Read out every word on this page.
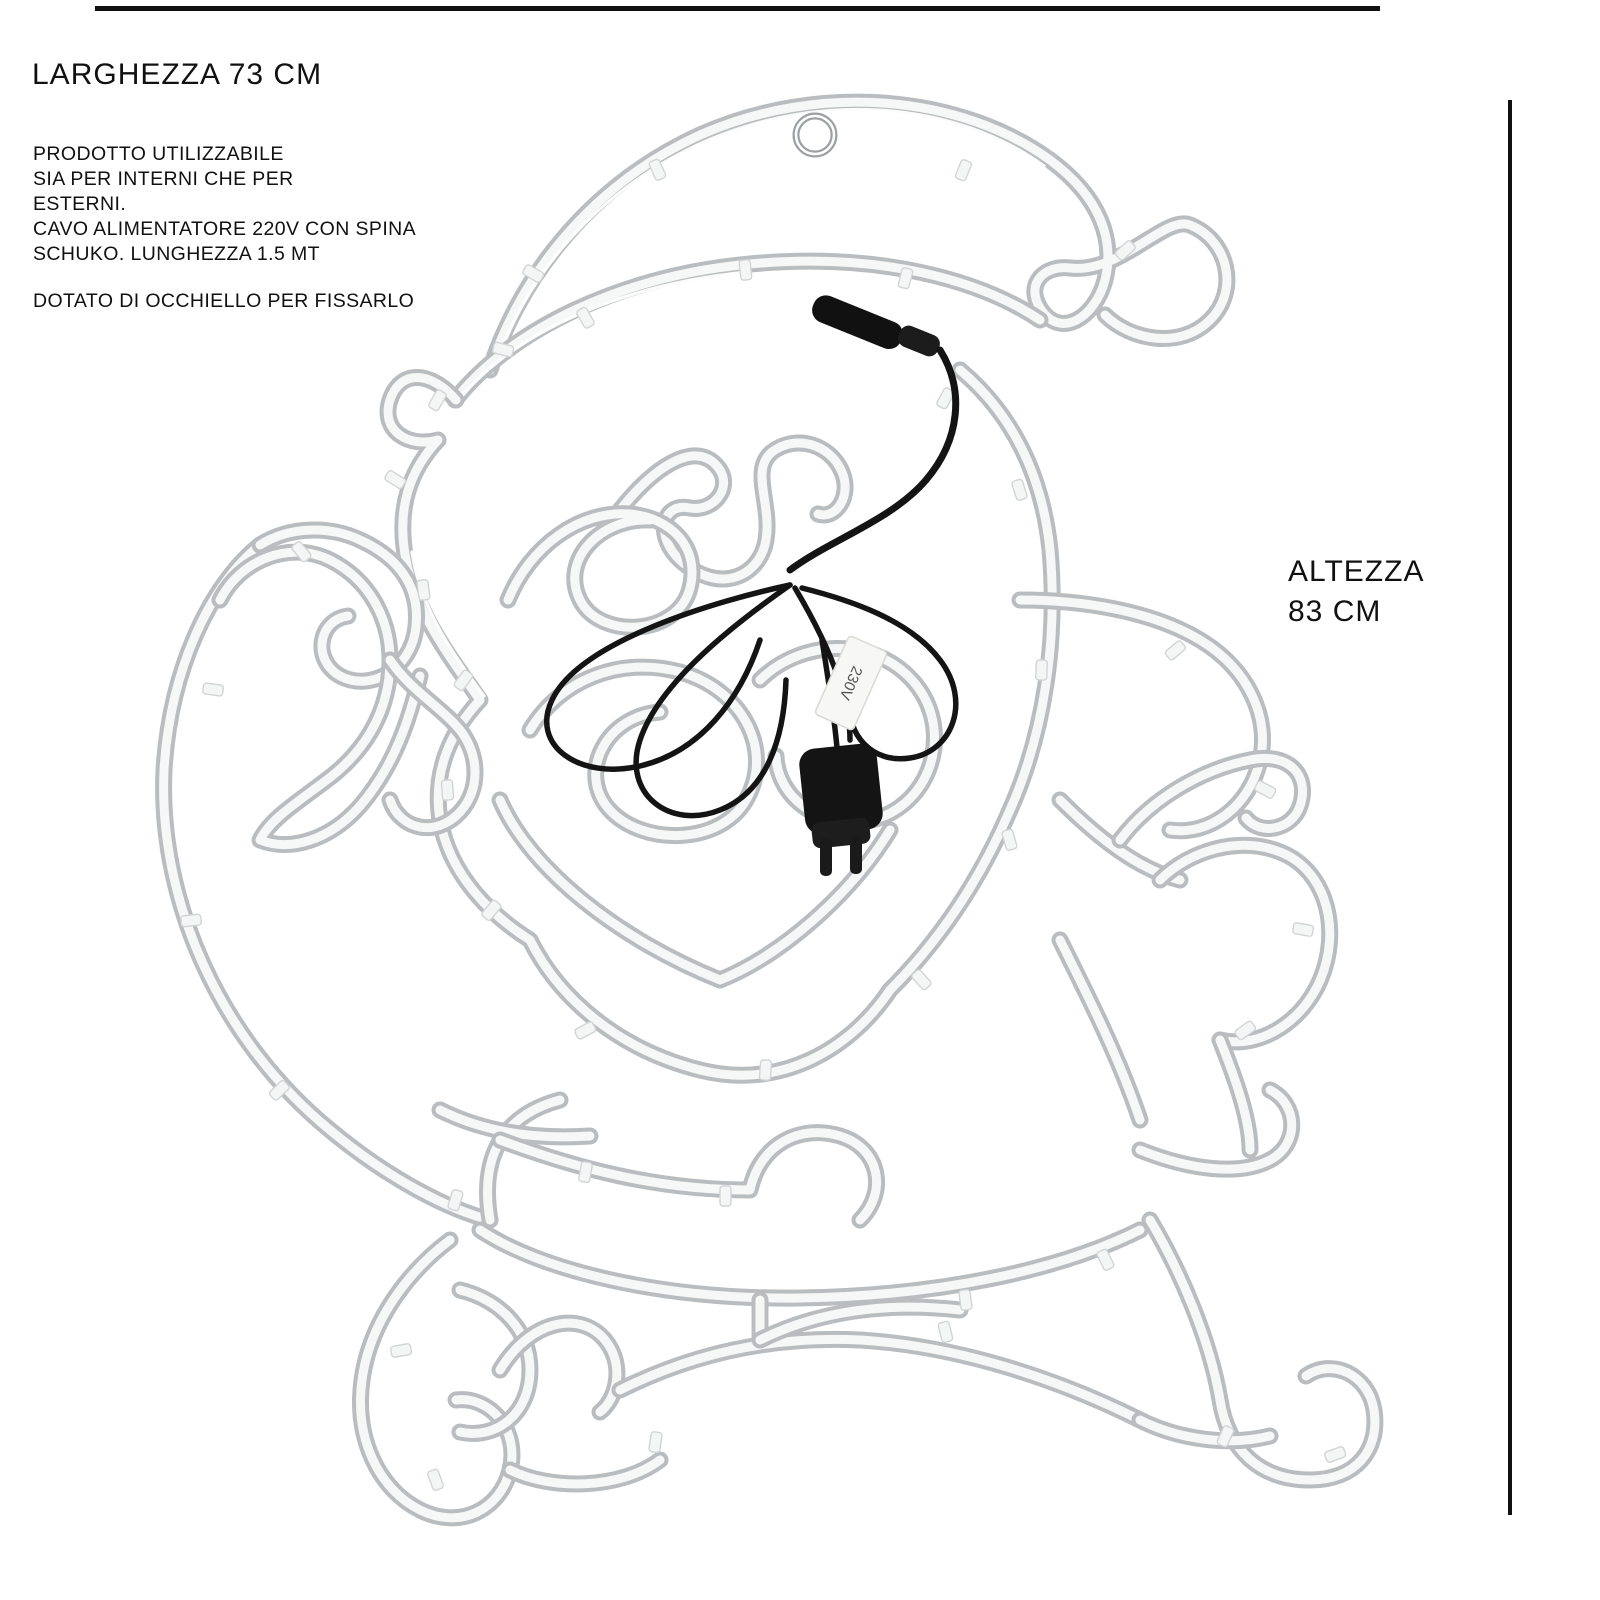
LARGHEZZA 73 CM
PRODOTTO UTILIZZABILE
SIA PER INTERNI CHE PER
ESTERNI.
CAVO ALIMENTATORE 220V CON SPINA
SCHUKO. LUNGHEZZA 1.5 MT
DOTATO DI OCCHIELLO PER FISSARLO
ALTEZZA
83 CM
230V
